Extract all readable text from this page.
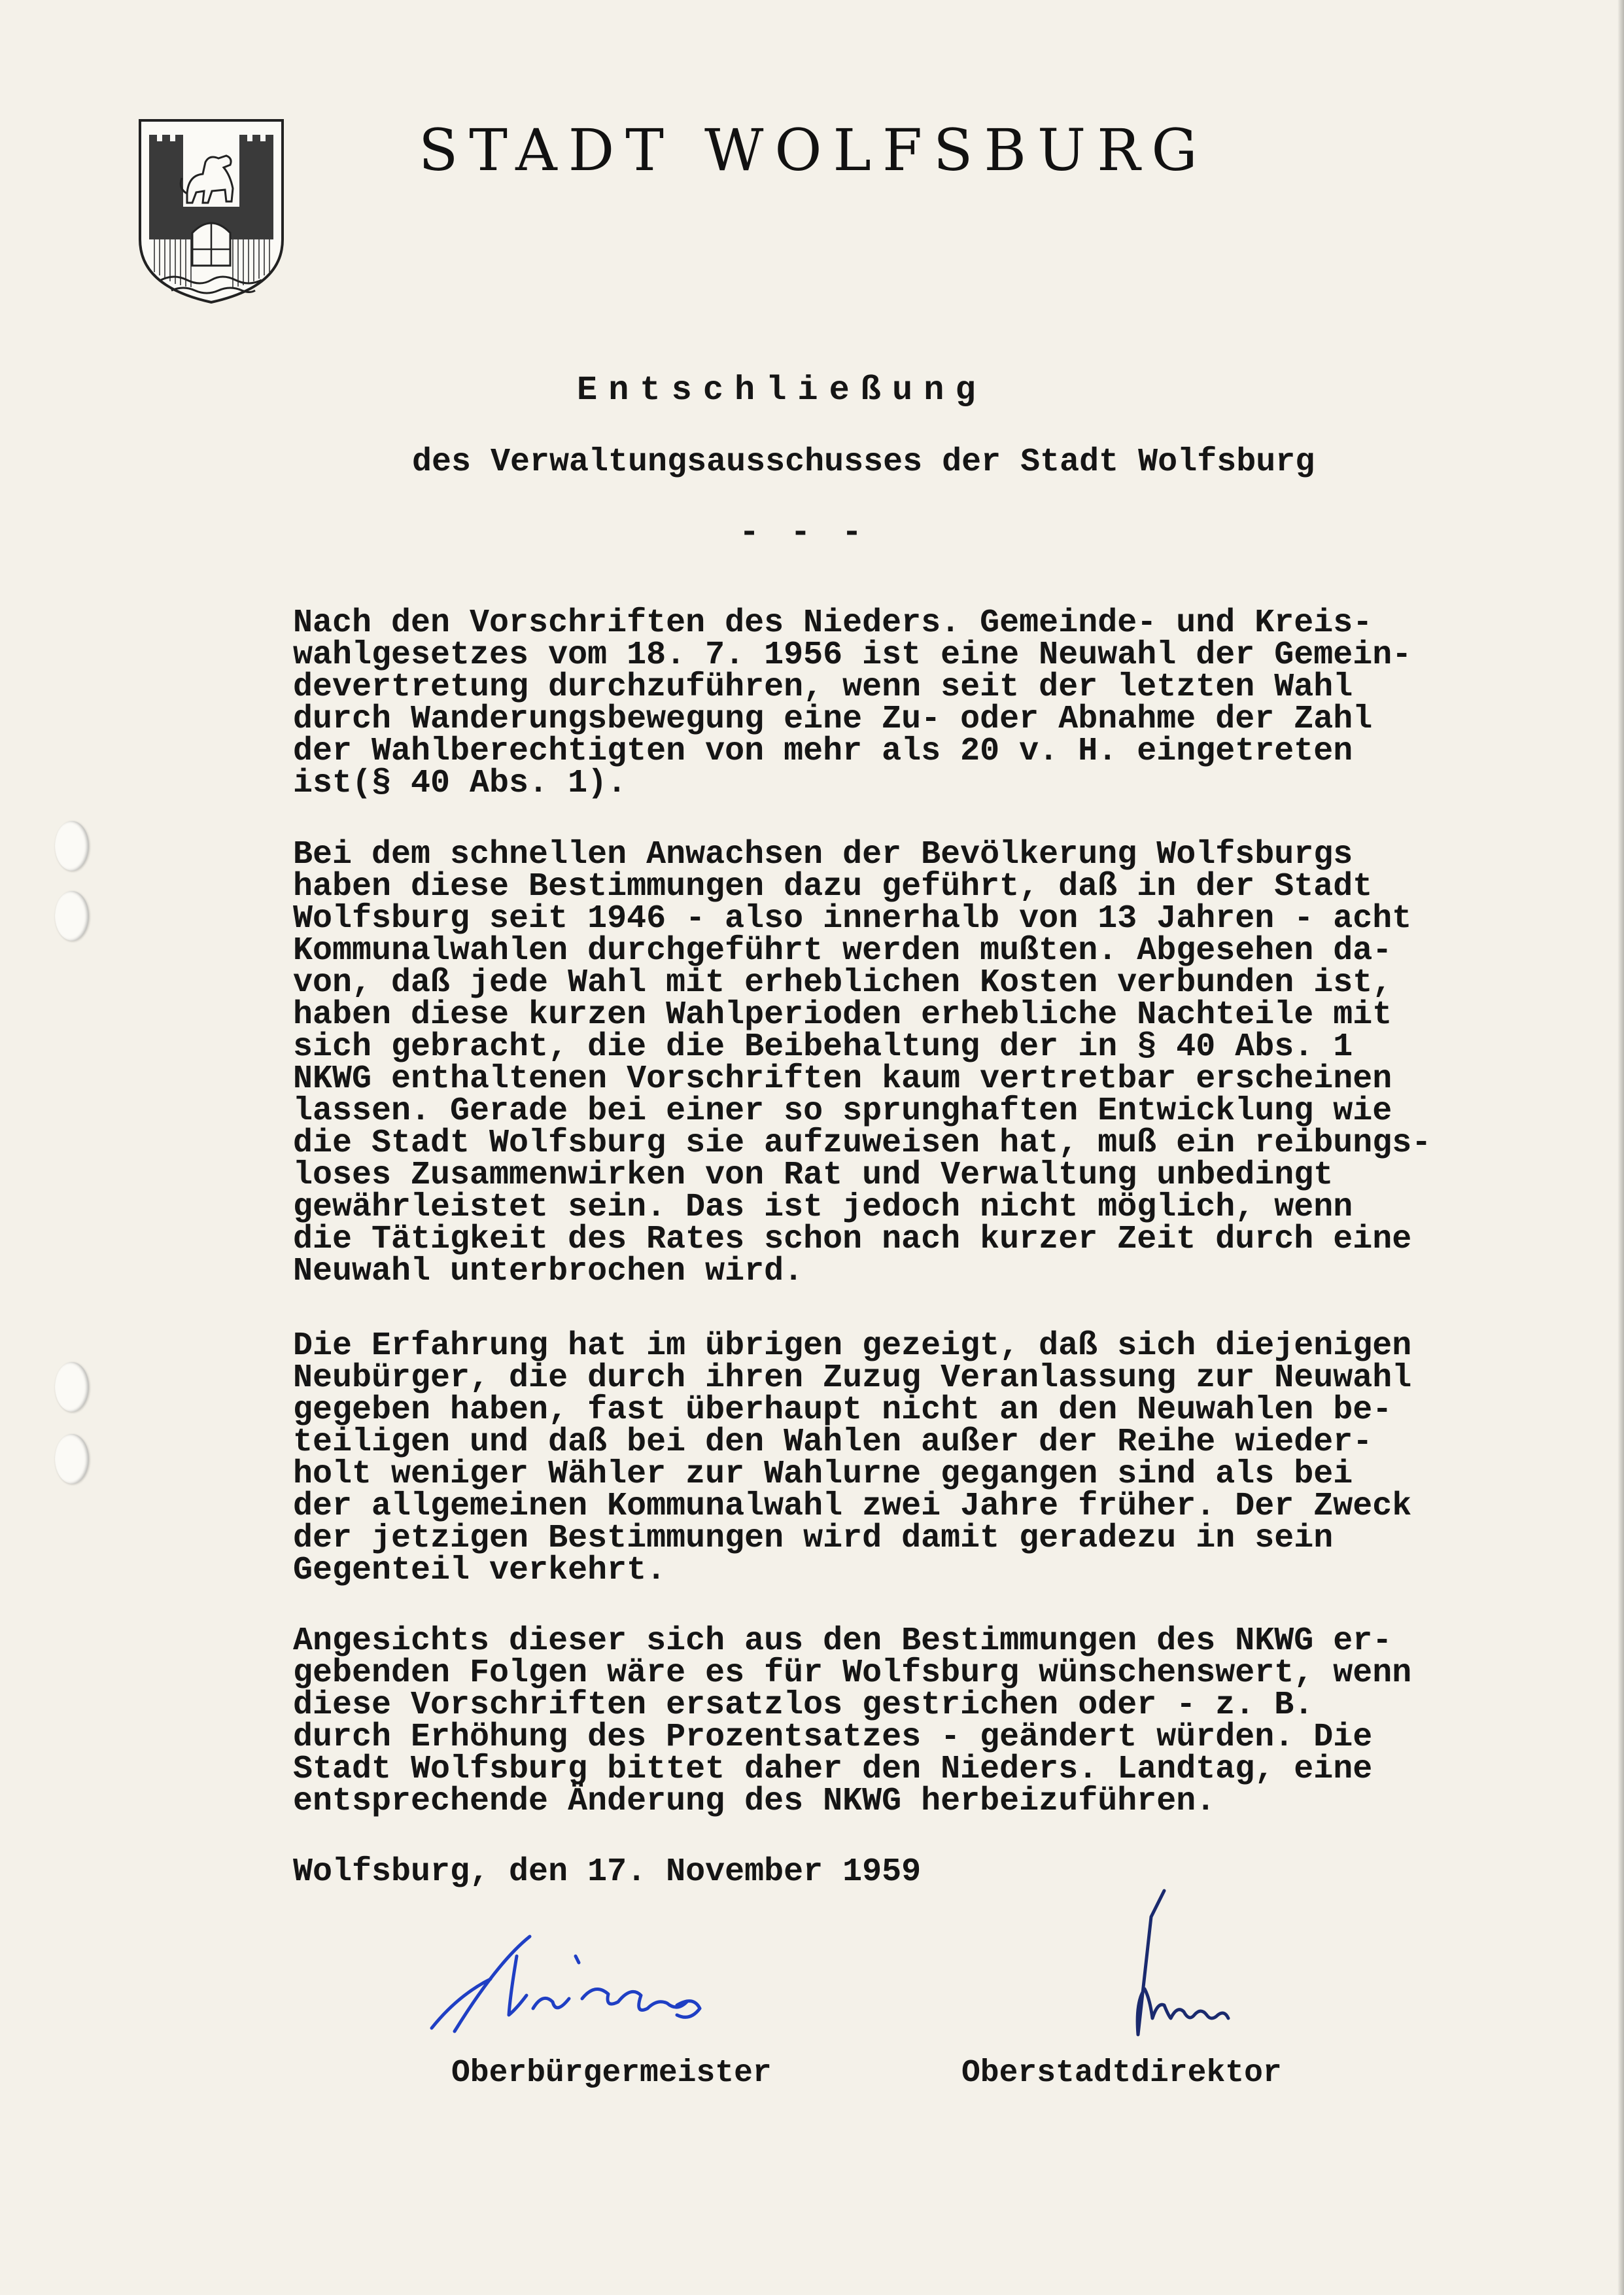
STADT WOLFSBURG
Entschließung

des Verwaltungsausschusses der Stadt Wolfsburg

- - -

Nach den Vorschriften des Nieders. Gemeinde- und Kreis-
wahlgesetzes vom 18. 7. 1956 ist eine Neuwahl der Gemein-
devertretung durchzuführen, wenn seit der letzten Wahl
durch Wanderungsbewegung eine Zu- oder Abnahme der Zahl
der Wahlberechtigten von mehr als 20 v. H. eingetreten
ist(§ 40 Abs. 1).

Bei dem schnellen Anwachsen der Bevölkerung Wolfsburgs
haben diese Bestimmungen dazu geführt, daß in der Stadt
Wolfsburg seit 1946 - also innerhalb von 13 Jahren - acht
Kommunalwahlen durchgeführt werden mußten. Abgesehen da-
von, daß jede Wahl mit erheblichen Kosten verbunden ist,
haben diese kurzen Wahlperioden erhebliche Nachteile mit
sich gebracht, die die Beibehaltung der in § 40 Abs. 1
NKWG enthaltenen Vorschriften kaum vertretbar erscheinen
lassen. Gerade bei einer so sprunghaften Entwicklung wie
die Stadt Wolfsburg sie aufzuweisen hat, muß ein reibungs-
loses Zusammenwirken von Rat und Verwaltung unbedingt
gewährleistet sein. Das ist jedoch nicht möglich, wenn
die Tätigkeit des Rates schon nach kurzer Zeit durch eine
Neuwahl unterbrochen wird.

Die Erfahrung hat im übrigen gezeigt, daß sich diejenigen
Neubürger, die durch ihren Zuzug Veranlassung zur Neuwahl
gegeben haben, fast überhaupt nicht an den Neuwahlen be-
teiligen und daß bei den Wahlen außer der Reihe wieder-
holt weniger Wähler zur Wahlurne gegangen sind als bei
der allgemeinen Kommunalwahl zwei Jahre früher. Der Zweck
der jetzigen Bestimmungen wird damit geradezu in sein
Gegenteil verkehrt.

Angesichts dieser sich aus den Bestimmungen des NKWG er-
gebenden Folgen wäre es für Wolfsburg wünschenswert, wenn
diese Vorschriften ersatzlos gestrichen oder - z. B.
durch Erhöhung des Prozentsatzes - geändert würden. Die
Stadt Wolfsburg bittet daher den Nieders. Landtag, eine
entsprechende Änderung des NKWG herbeizuführen.

Wolfsburg, den 17. November 1959

Oberbürgermeister	Oberstadtdirektor
